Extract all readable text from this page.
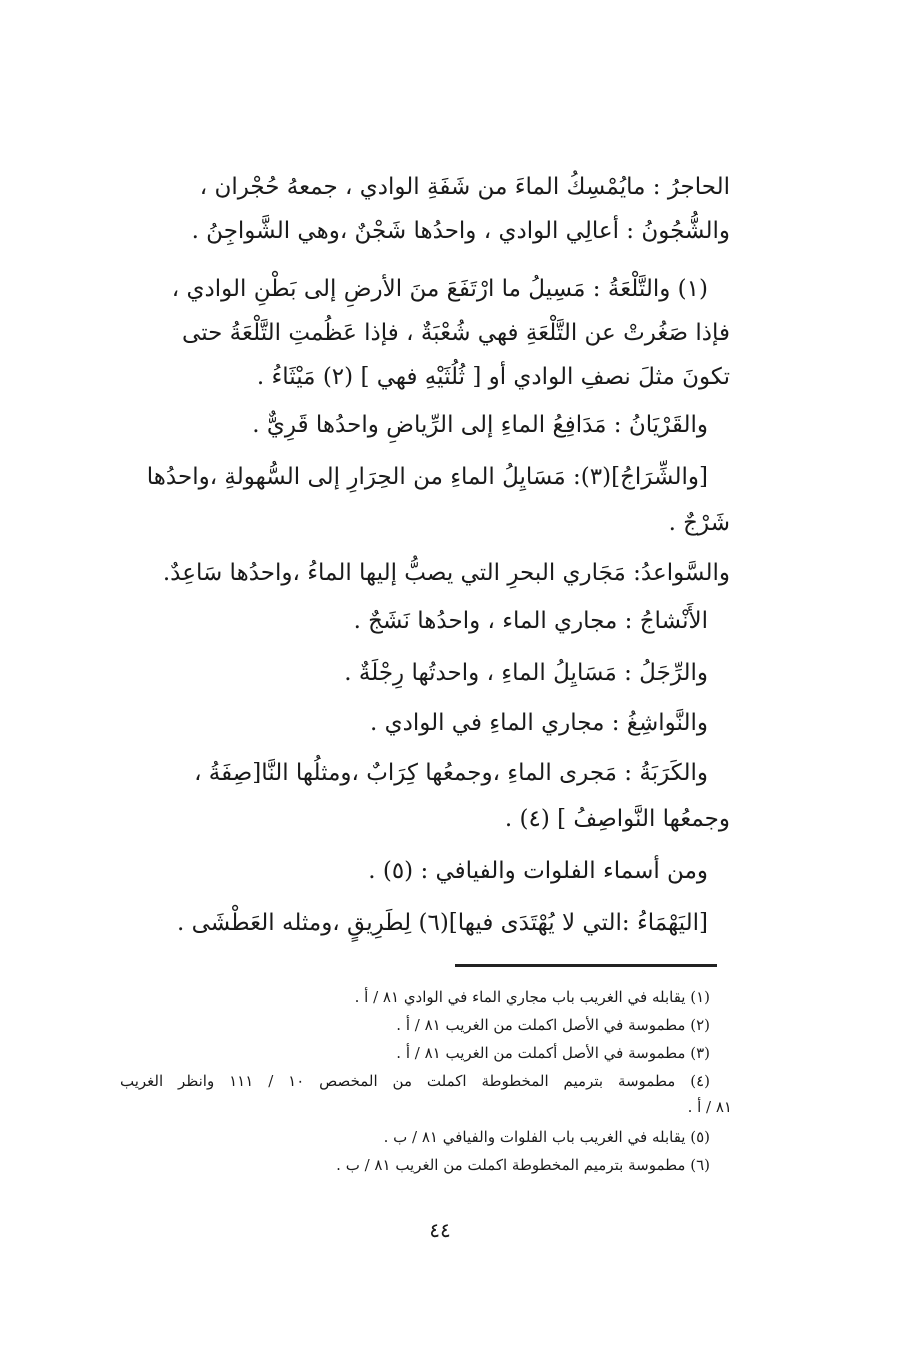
الحاجرُ : مايُمْسِكُ الماءَ من شَفَةِ الوادي ، جمعهُ حُجْران ،
والشُّجُونُ : أعالِي الوادي ، واحدُها شَجْنٌ ،وهي الشَّواجِنُ .
(١) والتَّلْعَةُ : مَسِيلُ ما ارْتَفَعَ منَ الأرضِ إلى بَطْنِ الوادي ،
فإذا صَغُرتْ عن التَّلْعَةِ فهي شُعْبَةٌ ، فإذا عَظُمتِ التَّلْعَةُ حتى
تكونَ مثلَ نصفِ الوادي أو [ ثُلُثَيْهِ فهي ] (٢) مَيْثَاءُ .
والقَرْيَانُ : مَدَافِعُ الماءِ إلى الرِّياضِ واحدُها قَرِيٌّ .
[والشِّرَاجُ](٣): مَسَايِلُ الماءِ من الحِرَارِ إلى السُّهولةِ ،واحدُها
شَرْجٌ .
والسَّواعدُ: مَجَاري البحرِ التي يصبُّ إليها الماءُ ،واحدُها سَاعِدٌ.
الأَنْشاجُ : مجاري الماء ، واحدُها نَشَجٌ .
والرِّجَلُ : مَسَايِلُ الماءِ ، واحدتُها رِجْلَةٌ .
والنَّواشِغُ : مجاري الماءِ في الوادي .
والكَرَبَةُ : مَجرى الماءِ ،وجمعُها كِرَابٌ ،ومثلُها النَّا[صِفَةُ ،
وجمعُها النَّواصِفُ ] (٤) .
ومن أسماء الفلوات والفيافي : (٥) .
[اليَهْمَاءُ :التي لا يُهْتَدَى فيها](٦) لِطَرِيقٍ ،ومثله العَطْشَى .
(١) يقابله في الغريب باب مجاري الماء في الوادي ٨١ / أ .
(٢) مطموسة في الأصل اكملت من الغريب ٨١ / أ .
(٣) مطموسة في الأصل أكملت من الغريب ٨١ / أ .
(٤) مطموسة بترميم المخطوطة اكملت من المخصص ١٠ / ١١١ وانظر الغريب
٨١ / أ .
(٥) يقابله في الغريب باب الفلوات والفيافي ٨١ / ب .
(٦) مطموسة بترميم المخطوطة اكملت من الغريب ٨١ / ب .
٤٤
